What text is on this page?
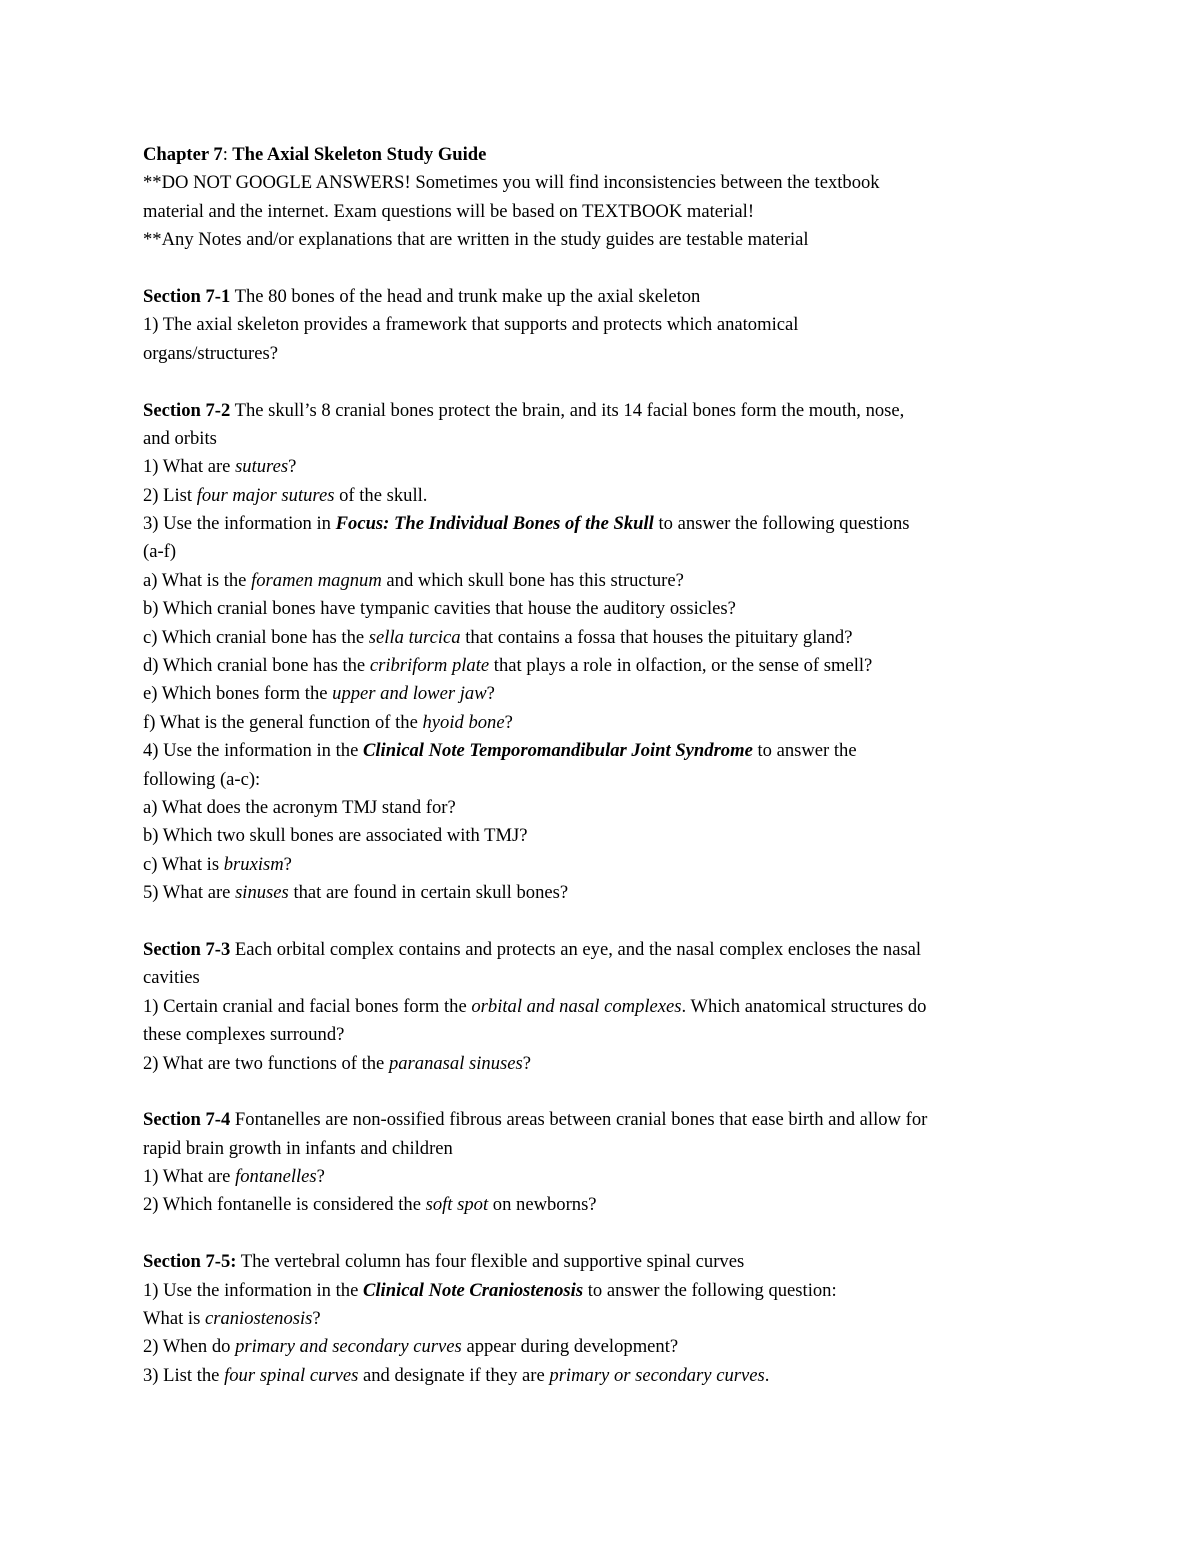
Chapter 7: The Axial Skeleton Study Guide
**DO NOT GOOGLE ANSWERS! Sometimes you will find inconsistencies between the textbook
material and the internet. Exam questions will be based on TEXTBOOK material!
**Any Notes and/or explanations that are written in the study guides are testable material
Section 7-1 The 80 bones of the head and trunk make up the axial skeleton
1) The axial skeleton provides a framework that supports and protects which anatomical
organs/structures?
Section 7-2 The skull’s 8 cranial bones protect the brain, and its 14 facial bones form the mouth, nose,
and orbits
1) What are sutures?
2) List four major sutures of the skull.
3) Use the information in Focus: The Individual Bones of the Skull to answer the following questions
(a-f)
a) What is the foramen magnum and which skull bone has this structure?
b) Which cranial bones have tympanic cavities that house the auditory ossicles?
c) Which cranial bone has the sella turcica that contains a fossa that houses the pituitary gland?
d) Which cranial bone has the cribriform plate that plays a role in olfaction, or the sense of smell?
e) Which bones form the upper and lower jaw?
f) What is the general function of the hyoid bone?
4) Use the information in the Clinical Note Temporomandibular Joint Syndrome to answer the
following (a-c):
a) What does the acronym TMJ stand for?
b) Which two skull bones are associated with TMJ?
c) What is bruxism?
5) What are sinuses that are found in certain skull bones?
Section 7-3 Each orbital complex contains and protects an eye, and the nasal complex encloses the nasal
cavities
1) Certain cranial and facial bones form the orbital and nasal complexes. Which anatomical structures do
these complexes surround?
2) What are two functions of the paranasal sinuses?
Section 7-4 Fontanelles are non-ossified fibrous areas between cranial bones that ease birth and allow for
rapid brain growth in infants and children
1) What are fontanelles?
2) Which fontanelle is considered the soft spot on newborns?
Section 7-5: The vertebral column has four flexible and supportive spinal curves
1) Use the information in the Clinical Note Craniostenosis to answer the following question:
What is craniostenosis?
2) When do primary and secondary curves appear during development?
3) List the four spinal curves and designate if they are primary or secondary curves.
